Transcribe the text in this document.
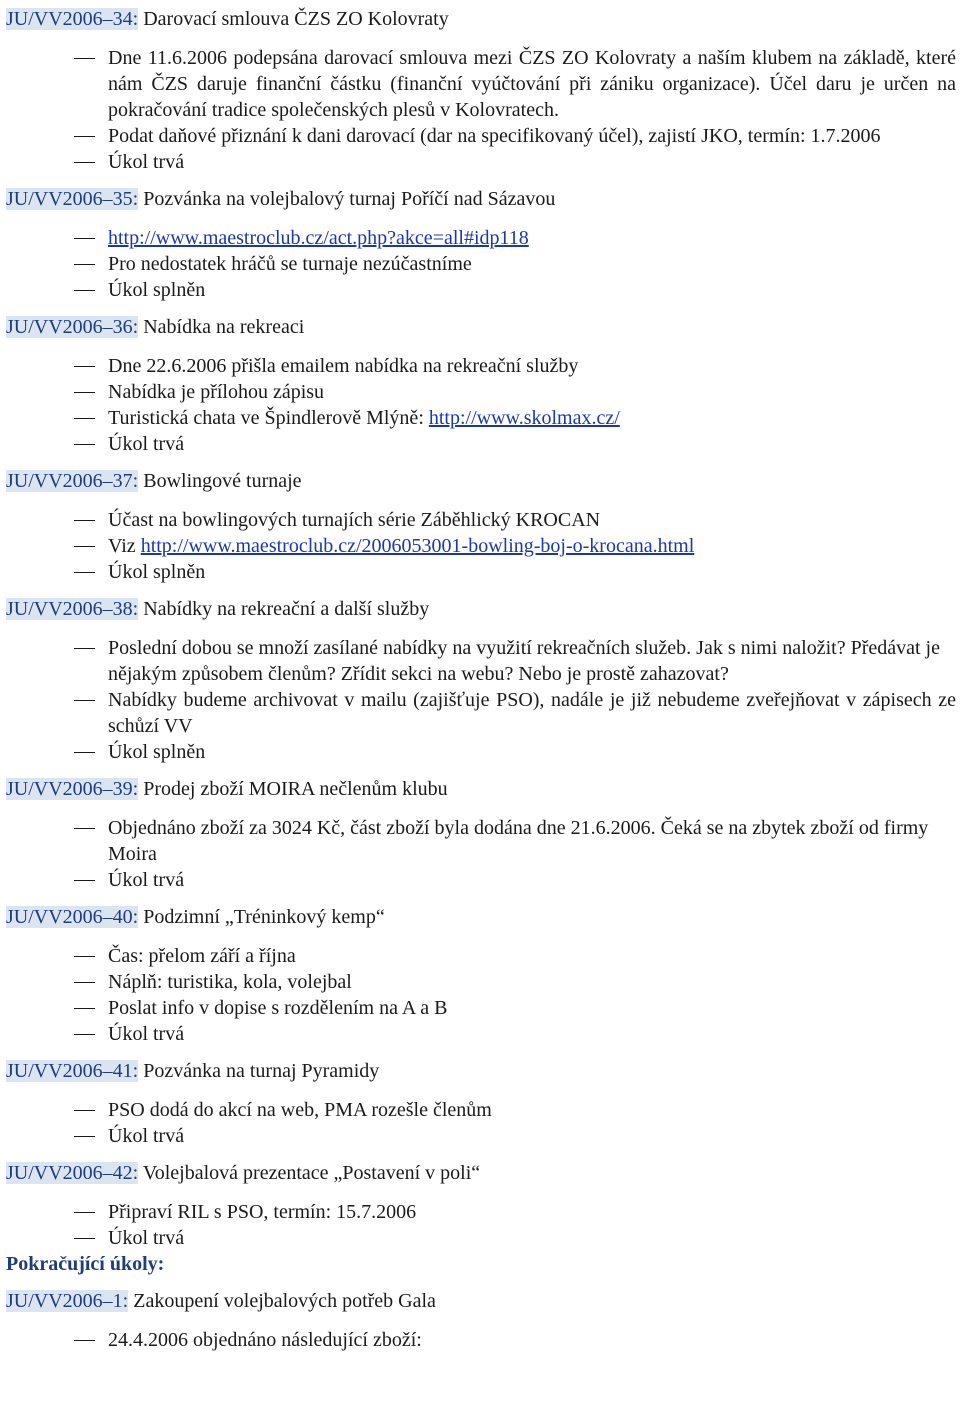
JU/VV2006–34: Darovací smlouva ČZS ZO Kolovraty

Dne 11.6.2006 podepsána darovací smlouva mezi ČZS ZO Kolovraty a naším klubem na základě, které nám ČZS daruje finanční částku (finanční vyúčtování při zániku organizace). Účel daru je určen na pokračování tradice společenských plesů v Kolovratech.
Podat daňové přiznání k dani darovací (dar na specifikovaný účel), zajistí JKO, termín: 1.7.2006
Úkol trvá

JU/VV2006–35: Pozvánka na volejbalový turnaj Poříčí nad Sázavou

http://www.maestroclub.cz/act.php?akce=all#idp118
Pro nedostatek hráčů se turnaje nezúčastníme
Úkol splněn

JU/VV2006–36: Nabídka na rekreaci

Dne 22.6.2006 přišla emailem nabídka na rekreační služby
Nabídka je přílohou zápisu
Turistická chata ve Špindlerově Mlýně: http://www.skolmax.cz/
Úkol trvá

JU/VV2006–37: Bowlingové turnaje

Účast na bowlingových turnajích série Záběhlický KROCAN
Viz http://www.maestroclub.cz/2006053001-bowling-boj-o-krocana.html
Úkol splněn

JU/VV2006–38: Nabídky na rekreační a další služby

Poslední dobou se množí zasílané nabídky na využití rekreačních služeb. Jak s nimi naložit? Předávat je nějakým způsobem členům? Zřídit sekci na webu? Nebo je prostě zahazovat?
Nabídky budeme archivovat v mailu (zajišťuje PSO), nadále je již nebudeme zveřejňovat v zápisech ze schůzí VV
Úkol splněn

JU/VV2006–39: Prodej zboží MOIRA nečlenům klubu

Objednáno zboží za 3024 Kč, část zboží byla dodána dne 21.6.2006. Čeká se na zbytek zboží od firmy Moira
Úkol trvá

JU/VV2006–40: Podzimní „Tréninkový kemp“

Čas: přelom září a října
Náplň: turistika, kola, volejbal
Poslat info v dopise s rozdělením na A a B
Úkol trvá

JU/VV2006–41: Pozvánka na turnaj Pyramidy

PSO dodá do akcí na web, PMA rozešle členům
Úkol trvá

JU/VV2006–42: Volejbalová prezentace „Postavení v poli“

Připraví RIL s PSO, termín: 15.7.2006
Úkol trvá

Pokračující úkoly:

JU/VV2006–1: Zakoupení volejbalových potřeb Gala

24.4.2006 objednáno následující zboží:
